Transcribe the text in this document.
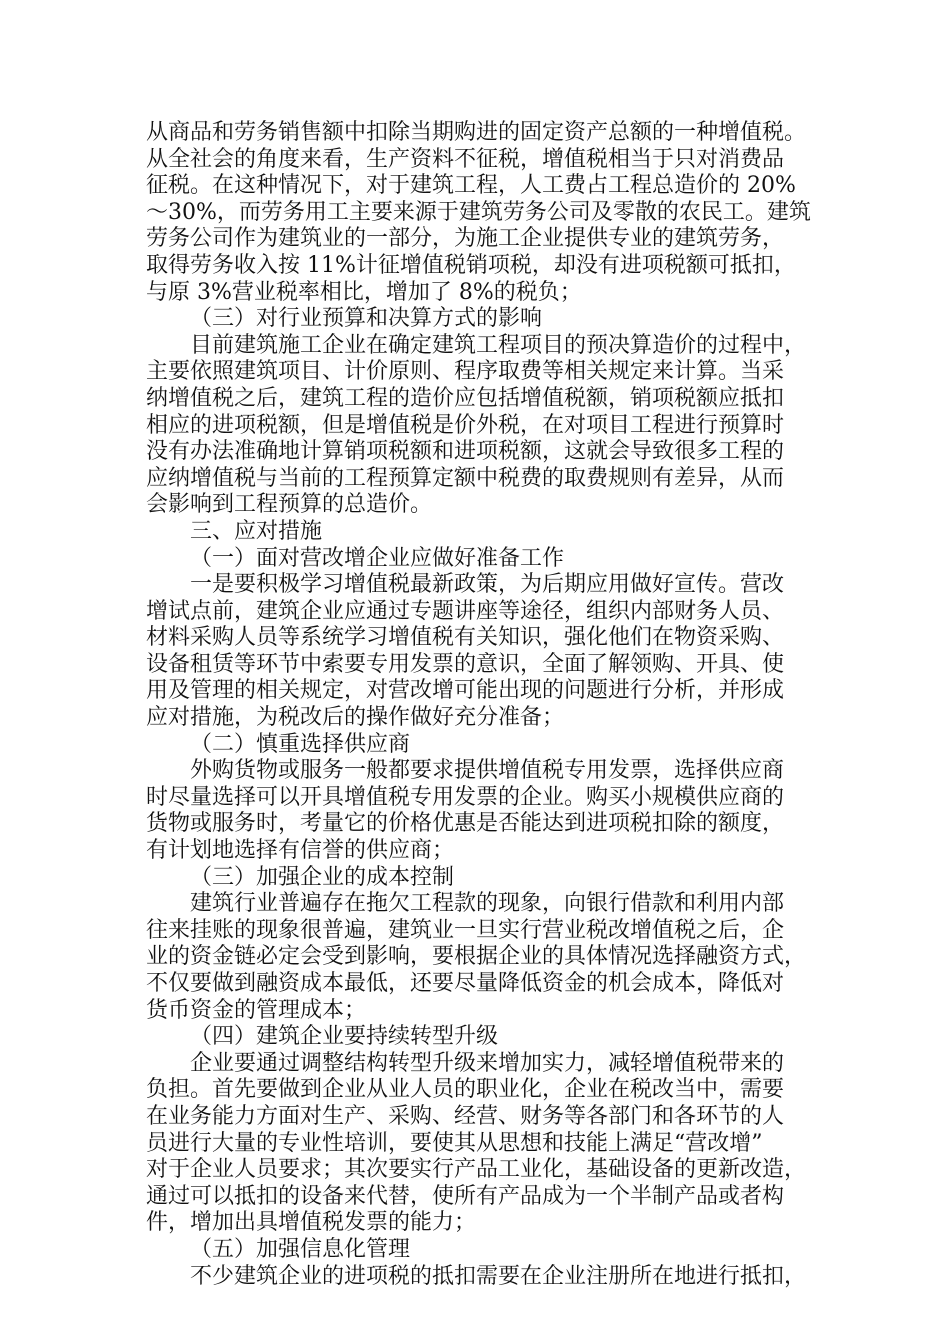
从商品和劳务销售额中扣除当期购进的固定资产总额的一种增值税。
从全社会的角度来看，生产资料不征税，增值税相当于只对消费品
征税。在这种情况下，对于建筑工程，人工费占工程总造价的 20%
～30%，而劳务用工主要来源于建筑劳务公司及零散的农民工。建筑
劳务公司作为建筑业的一部分，为施工企业提供专业的建筑劳务，
取得劳务收入按 11%计征增值税销项税，却没有进项税额可抵扣，
与原 3%营业税率相比，增加了 8%的税负；
（三）对行业预算和决算方式的影响
目前建筑施工企业在确定建筑工程项目的预决算造价的过程中，
主要依照建筑项目、计价原则、程序取费等相关规定来计算。当采
纳增值税之后，建筑工程的造价应包括增值税额，销项税额应抵扣
相应的进项税额，但是增值税是价外税，在对项目工程进行预算时
没有办法准确地计算销项税额和进项税额，这就会导致很多工程的
应纳增值税与当前的工程预算定额中税费的取费规则有差异，从而
会影响到工程预算的总造价。
三、应对措施
（一）面对营改增企业应做好准备工作
一是要积极学习增值税最新政策，为后期应用做好宣传。营改
增试点前，建筑企业应通过专题讲座等途径，组织内部财务人员、
材料采购人员等系统学习增值税有关知识，强化他们在物资采购、
设备租赁等环节中索要专用发票的意识，全面了解领购、开具、使
用及管理的相关规定，对营改增可能出现的问题进行分析，并形成
应对措施，为税改后的操作做好充分准备；
（二）慎重选择供应商
外购货物或服务一般都要求提供增值税专用发票，选择供应商
时尽量选择可以开具增值税专用发票的企业。购买小规模供应商的
货物或服务时，考量它的价格优惠是否能达到进项税扣除的额度，
有计划地选择有信誉的供应商；
（三）加强企业的成本控制
建筑行业普遍存在拖欠工程款的现象，向银行借款和利用内部
往来挂账的现象很普遍，建筑业一旦实行营业税改增值税之后，企
业的资金链必定会受到影响，要根据企业的具体情况选择融资方式，
不仅要做到融资成本最低，还要尽量降低资金的机会成本，降低对
货币资金的管理成本；
（四）建筑企业要持续转型升级
企业要通过调整结构转型升级来增加实力，减轻增值税带来的
负担。首先要做到企业从业人员的职业化，企业在税改当中，需要
在业务能力方面对生产、采购、经营、财务等各部门和各环节的人
员进行大量的专业性培训，要使其从思想和技能上满足“营改增”
对于企业人员要求；其次要实行产品工业化，基础设备的更新改造，
通过可以抵扣的设备来代替，使所有产品成为一个半制产品或者构
件，增加出具增值税发票的能力；
（五）加强信息化管理
不少建筑企业的进项税的抵扣需要在企业注册所在地进行抵扣，
